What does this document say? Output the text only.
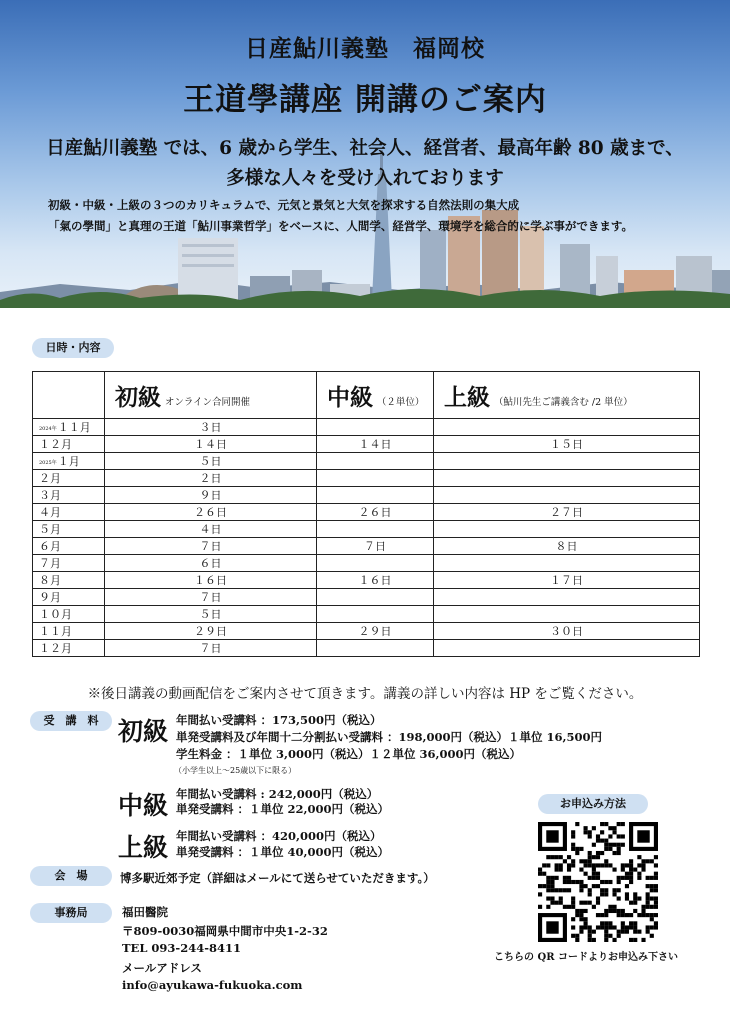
日産鮎川義塾　福岡校
王道學講座 開講のご案内
日産鮎川義塾 では、6 歳から学生、社会人、経営者、最高年齢 80 歳まで、
多様な人々を受け入れております
初級・中級・上級の３つのカリキュラムで、元気と景気と大気を探求する自然法則の集大成
「氣の學間」と真理の王道「鮎川事業哲学」をベースに、人間学、経営学、環境学を総合的に学ぶ事ができます。
日時・内容
	初級 オンライン合同開催	中級 （２単位）	上級 （鮎川先生ご講義含む /2 単位）
2024年１１月	３日		
１２月	１４日	１４日	１５日
2025年１月	５日		
２月	２日		
３月	９日		
４月	２６日	２６日	２７日
５月	４日		
６月	７日	７日	８日
７月	６日		
８月	１６日	１６日	１７日
９月	７日		
１０月	５日		
１１月	２９日	２９日	３０日
１２月	７日		
※後日講義の動画配信をご案内させて頂きます。講義の詳しい内容は HP をご覧ください。
受　講　料 初級 年間払い受講料 ：173,500円（税込）
単発受講料及び年間十二分割払い受講料 ：198,000円（税込）１単位 16,500円
学生料金 ：１単位 3,000円（税込）１２単位 36,000円（税込）
（小学生以上～25歳以下に限る）
中級 年間払い受講料 : 242,000円（税込）
単発受講料 ：１単位 22,000円（税込）
上級 年間払い受講料 ：420,000円（税込）
単発受講料 ：１単位 40,000円（税込）
会　場	博多駅近郊予定（詳細はメールにて送らせていただきます。）
事務局	福田醫院
〒809-0030福岡県中間市中央1-2-32
TEL 093-244-8411
メールアドレス
info@ayukawa-fukuoka.com
お申込み方法
こちらの QR コードよりお申込み下さい
